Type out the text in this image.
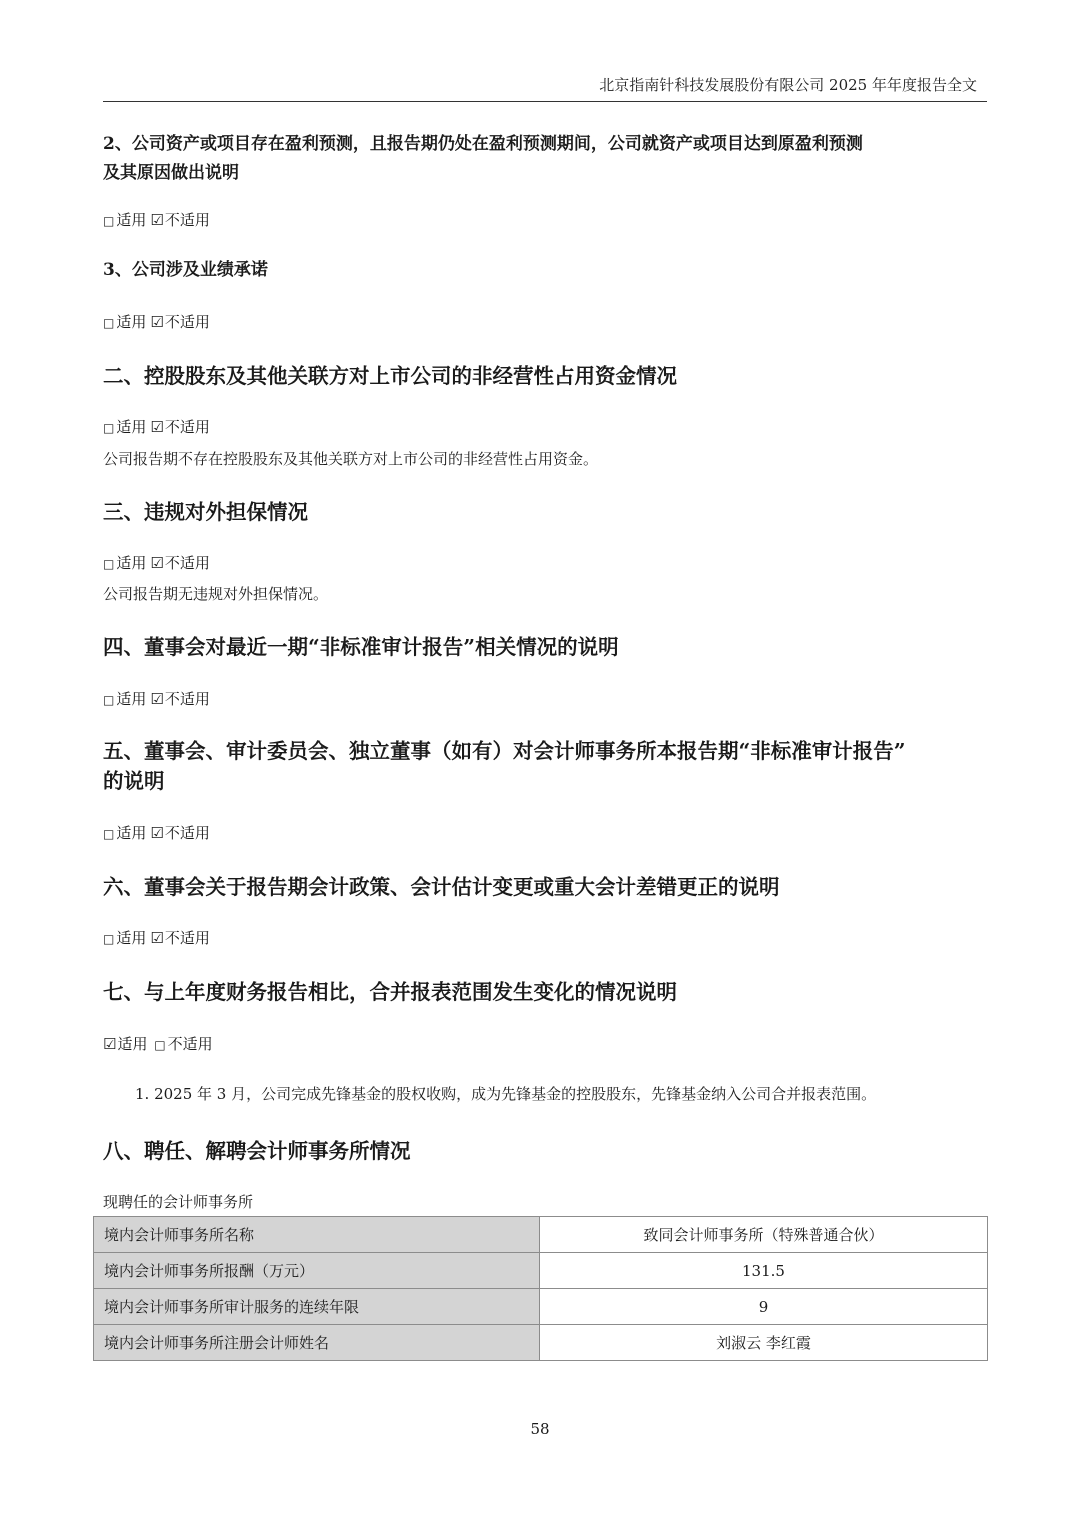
北京指南针科技发展股份有限公司 2025 年年度报告全文
2、公司资产或项目存在盈利预测，且报告期仍处在盈利预测期间，公司就资产或项目达到原盈利预测
及其原因做出说明
□ 适用 ☑不适用
3、公司涉及业绩承诺
□ 适用 ☑不适用
二、控股股东及其他关联方对上市公司的非经营性占用资金情况
□ 适用 ☑不适用
公司报告期不存在控股股东及其他关联方对上市公司的非经营性占用资金。
三、违规对外担保情况
□ 适用 ☑不适用
公司报告期无违规对外担保情况。
四、董事会对最近一期“非标准审计报告”相关情况的说明
□ 适用 ☑不适用
五、董事会、审计委员会、独立董事（如有）对会计师事务所本报告期“非标准审计报告”
的说明
□ 适用 ☑不适用
六、董事会关于报告期会计政策、会计估计变更或重大会计差错更正的说明
□ 适用 ☑不适用
七、与上年度财务报告相比，合并报表范围发生变化的情况说明
☑适用 □ 不适用
1. 2025 年 3 月，公司完成先锋基金的股权收购，成为先锋基金的控股股东，先锋基金纳入公司合并报表范围。
八、聘任、解聘会计师事务所情况
现聘任的会计师事务所
境内会计师事务所名称	致同会计师事务所（特殊普通合伙）
境内会计师事务所报酬（万元）	131.5
境内会计师事务所审计服务的连续年限	9
境内会计师事务所注册会计师姓名	刘淑云 李红霞
58
